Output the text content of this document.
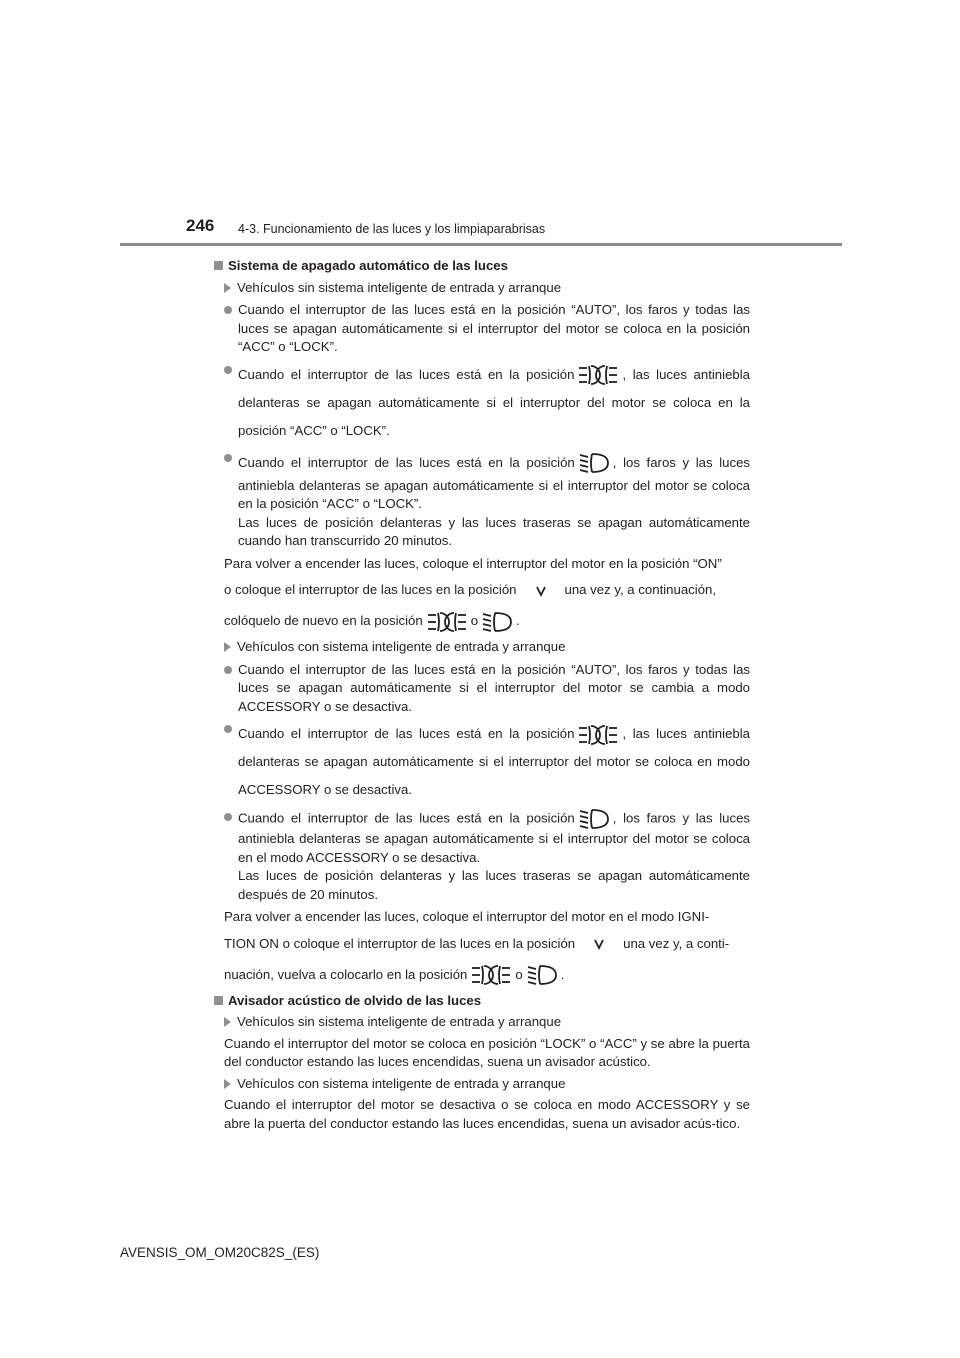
246 4-3. Funcionamiento de las luces y los limpiaparabrisas
Sistema de apagado automático de las luces
Vehículos sin sistema inteligente de entrada y arranque
Cuando el interruptor de las luces está en la posición “AUTO”, los faros y todas las luces se apagan automáticamente si el interruptor del motor se coloca en la posición “ACC” o “LOCK”.
Cuando el interruptor de las luces está en la posición	, las luces antiniebla delanteras se apagan automáticamente si el interruptor del motor se coloca en la posición “ACC” o “LOCK”.
Cuando el interruptor de las luces está en la posición	, los faros y las luces antiniebla delanteras se apagan automáticamente si el interruptor del motor se coloca en la posición “ACC” o “LOCK”.
Las luces de posición delanteras y las luces traseras se apagan automáticamente cuando han transcurrido 20 minutos.
Para volver a encender las luces, coloque el interruptor del motor en la posición “ON”
o coloque el interruptor de las luces en la posición	una vez y, a continuación,
colóquelo de nuevo en la posición	o	.
Vehículos con sistema inteligente de entrada y arranque
Cuando el interruptor de las luces está en la posición “AUTO”, los faros y todas las luces se apagan automáticamente si el interruptor del motor se cambia a modo ACCESSORY o se desactiva.
Cuando el interruptor de las luces está en la posición	, las luces antiniebla delanteras se apagan automáticamente si el interruptor del motor se coloca en modo ACCESSORY o se desactiva.
Cuando el interruptor de las luces está en la posición	, los faros y las luces antiniebla delanteras se apagan automáticamente si el interruptor del motor se coloca en el modo ACCESSORY o se desactiva.
Las luces de posición delanteras y las luces traseras se apagan automáticamente después de 20 minutos.
Para volver a encender las luces, coloque el interruptor del motor en el modo IGNI-
TION ON o coloque el interruptor de las luces en la posición	una vez y, a conti-
nuación, vuelva a colocarlo en la posición	o	.
Avisador acústico de olvido de las luces
Vehículos sin sistema inteligente de entrada y arranque
Cuando el interruptor del motor se coloca en posición “LOCK” o “ACC” y se abre la puerta del conductor estando las luces encendidas, suena un avisador acústico.
Vehículos con sistema inteligente de entrada y arranque
Cuando el interruptor del motor se desactiva o se coloca en modo ACCESSORY y se abre la puerta del conductor estando las luces encendidas, suena un avisador acús-tico.
AVENSIS_OM_OM20C82S_(ES)
